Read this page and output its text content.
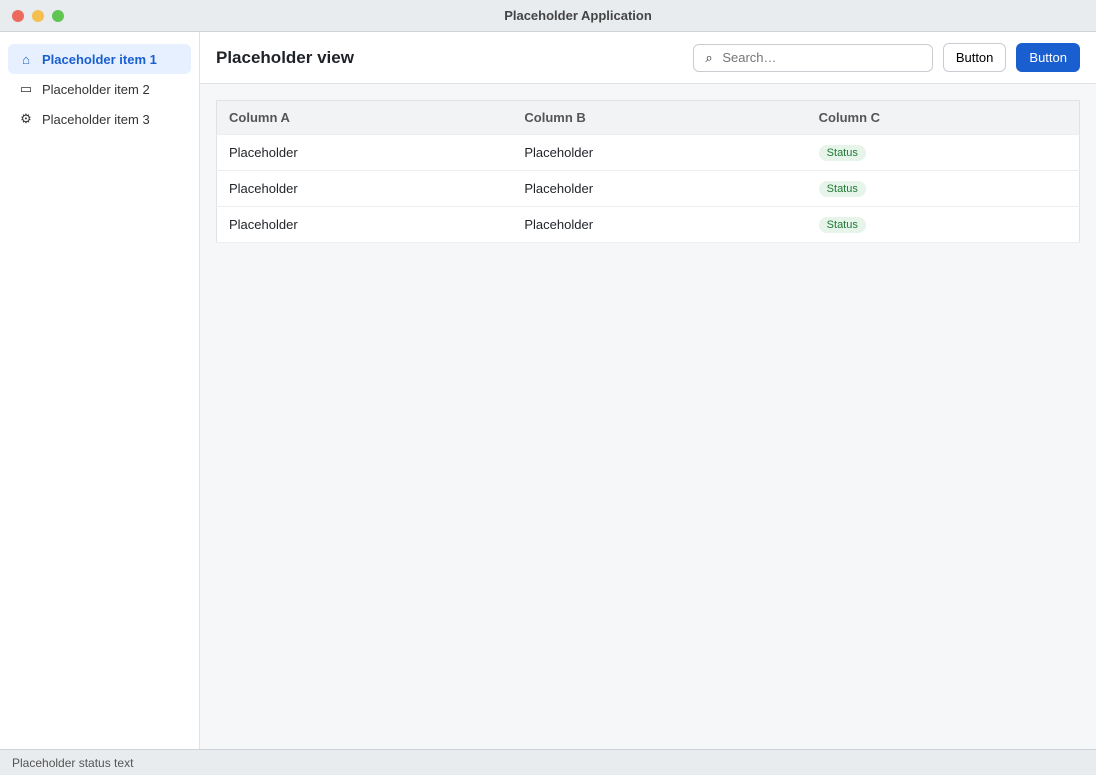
Placeholder Application
⌂ Placeholder item 1
▭ Placeholder item 2
⚙ Placeholder item 3
Placeholder view	⌕
Search…	Button	Button
Column A	Column B	Column C
Placeholder	Placeholder	Status
Placeholder	Placeholder	Status
Placeholder	Placeholder	Status
Placeholder status text
